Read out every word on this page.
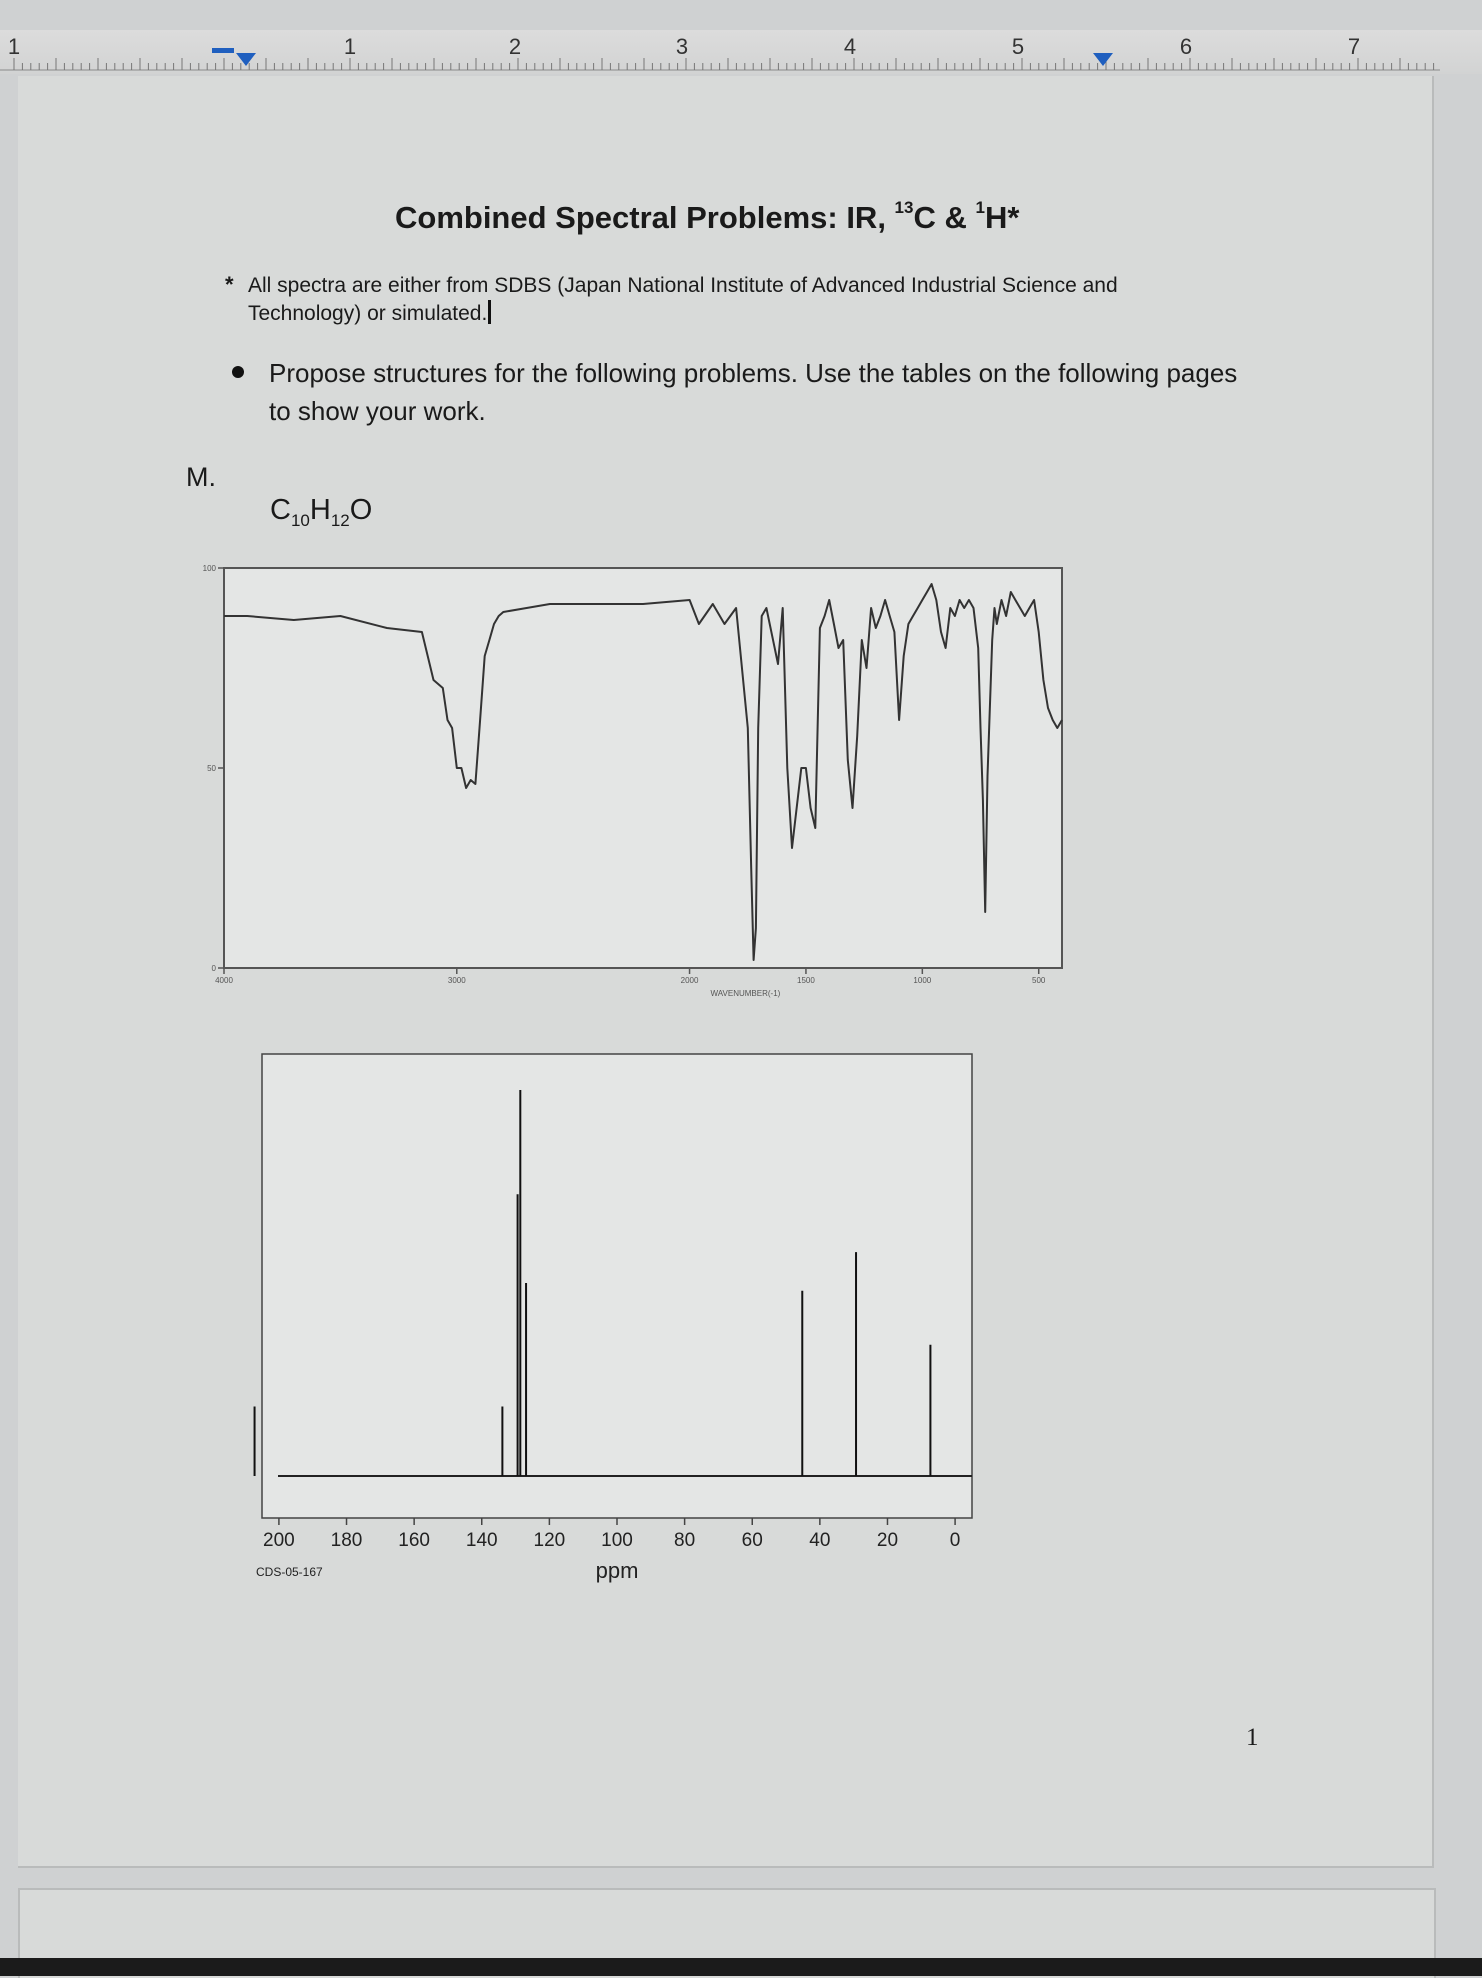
1	1	2	3	4	5	6	7
Combined Spectral Problems: IR, $^{13}$C & $^1$H*
* All spectra are either from SDBS (Japan National Institute of Advanced Industrial Science and Technology) or simulated.
Propose structures for the following problems. Use the tables on the following pages to show your work.
M.
$C_{10}H_{12}O$
100
50
0
4000	3000	2000	1500	1000	500
WAVENUMBER(-1)
200 180 160 140 120 100 80 60 40 20	0
ppm
CDS-05-167
1
